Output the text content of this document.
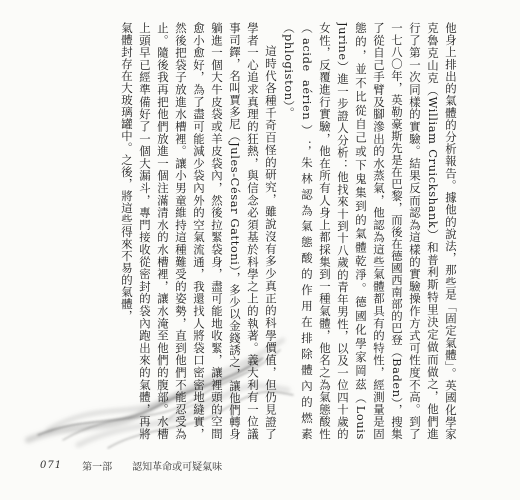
他身上排出的氣體的分析報告。據他的說法，那些是「固定氣體」。英國化學家克魯克山克（William Cruickshank）和普利斯特里決定做而做之，他們進行了第一次同樣的實驗。結果反而認為這樣的實驗操作方式可性度不高。到了一七八〇年，英勒豪斯先是在巴黎，而後在德國西南部的巴登（Baden），搜集了從自己手臂及腳滲出的水蒸氣，他認為這些氣體都具有的特性，經測量是固態的，並不比從自己或下鬼集到的氣體乾淨。德國化學家岡茲（Louis Jurine）進一步證人分析：他找來十到十八歲的青年男性，以及一位四十歲的女性，反覆進行實驗，他在所有人身上都採集到一種氣體，他名之為氣態酸性（acide aérien）；朱林認為氣態酸的作用在排除體內的燃素（phlogiston）。

這時代各種千奇百怪的研究，雖說沒有多少真正的科學價值，但仍見證了學者一心追求真理的狂熱，與信念必須基於科學之上的執著。義大利有一位議事司鐸，名叫賈多尼（Jules-César Gattoni），多少以金錢誘之，讓他們轉身躺進一個大牛皮袋或羊皮袋內，然後拉緊袋身，盡可能地收緊，讓裡頭的空間愈小愈好，為了盡可能減少袋內外的空氣流通，我還找人將袋口密密地縫實，然後把袋子放進水槽裡。讓小男童維持這種難受的姿勢，直到他們不能忍受為止。隨後我再把他們放進一個注滿清水的水槽裡，讓水淹至他們的腹部。水槽上頭早已經準備好了一個大漏斗，專門接收從密封的袋內跑出來的氣體，再將氣體封存在大玻璃罐中。之後，將這些得來不易的氣體，

071 第一部 認知革命或可疑氣味
